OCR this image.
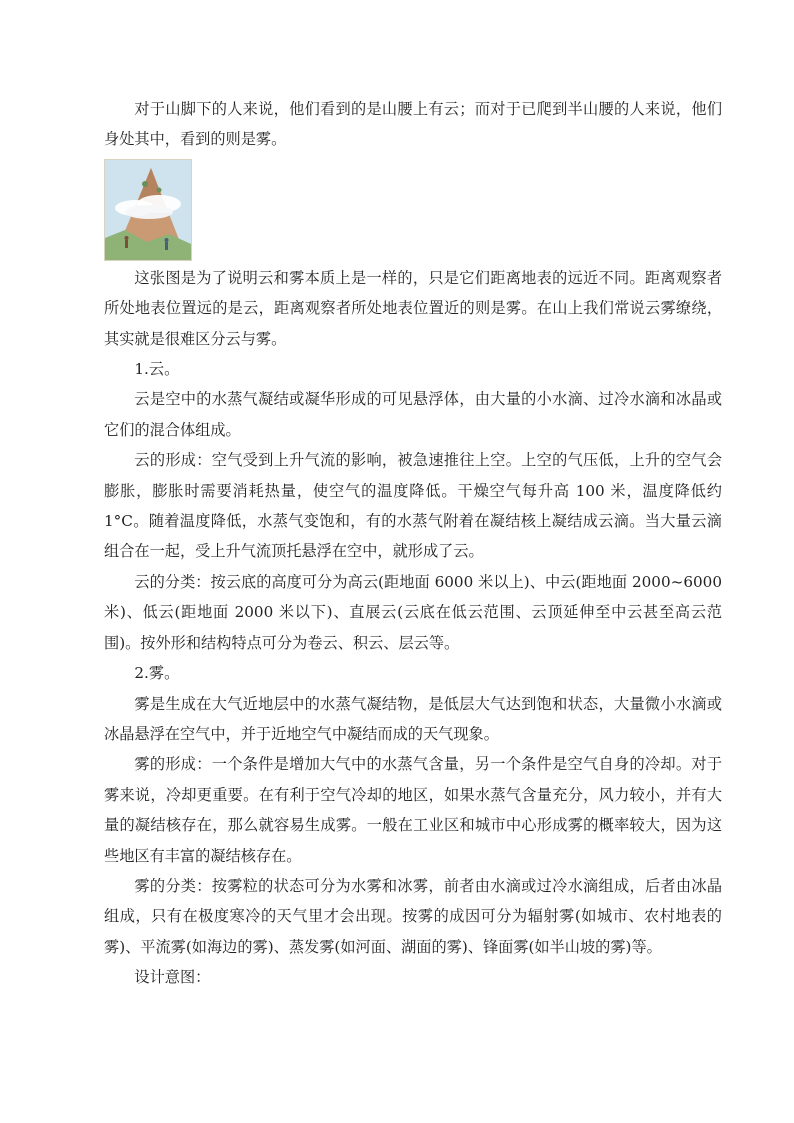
对于山脚下的人来说，他们看到的是山腰上有云；而对于已爬到半山腰的人来说，他们身处其中，看到的则是雾。

这张图是为了说明云和雾本质上是一样的，只是它们距离地表的远近不同。距离观察者所处地表位置远的是云，距离观察者所处地表位置近的则是雾。在山上我们常说云雾缭绕，其实就是很难区分云与雾。

1.云。

云是空中的水蒸气凝结或凝华形成的可见悬浮体，由大量的小水滴、过冷水滴和冰晶或它们的混合体组成。

云的形成：空气受到上升气流的影响，被急速推往上空。上空的气压低，上升的空气会膨胀，膨胀时需要消耗热量，使空气的温度降低。干燥空气每升高 100 米，温度降低约 1°C。随着温度降低，水蒸气变饱和，有的水蒸气附着在凝结核上凝结成云滴。当大量云滴组合在一起，受上升气流顶托悬浮在空中，就形成了云。

云的分类：按云底的高度可分为高云(距地面 6000 米以上)、中云(距地面 2000~6000 米)、低云(距地面 2000 米以下)、直展云(云底在低云范围、云顶延伸至中云甚至高云范围)。按外形和结构特点可分为卷云、积云、层云等。

2.雾。

雾是生成在大气近地层中的水蒸气凝结物，是低层大气达到饱和状态，大量微小水滴或冰晶悬浮在空气中，并于近地空气中凝结而成的天气现象。

雾的形成：一个条件是增加大气中的水蒸气含量，另一个条件是空气自身的冷却。对于雾来说，冷却更重要。在有利于空气冷却的地区，如果水蒸气含量充分，风力较小，并有大量的凝结核存在，那么就容易生成雾。一般在工业区和城市中心形成雾的概率较大，因为这些地区有丰富的凝结核存在。

雾的分类：按雾粒的状态可分为水雾和冰雾，前者由水滴或过冷水滴组成，后者由冰晶组成，只有在极度寒冷的天气里才会出现。按雾的成因可分为辐射雾(如城市、农村地表的雾)、平流雾(如海边的雾)、蒸发雾(如河面、湖面的雾)、锋面雾(如半山坡的雾)等。

设计意图：
